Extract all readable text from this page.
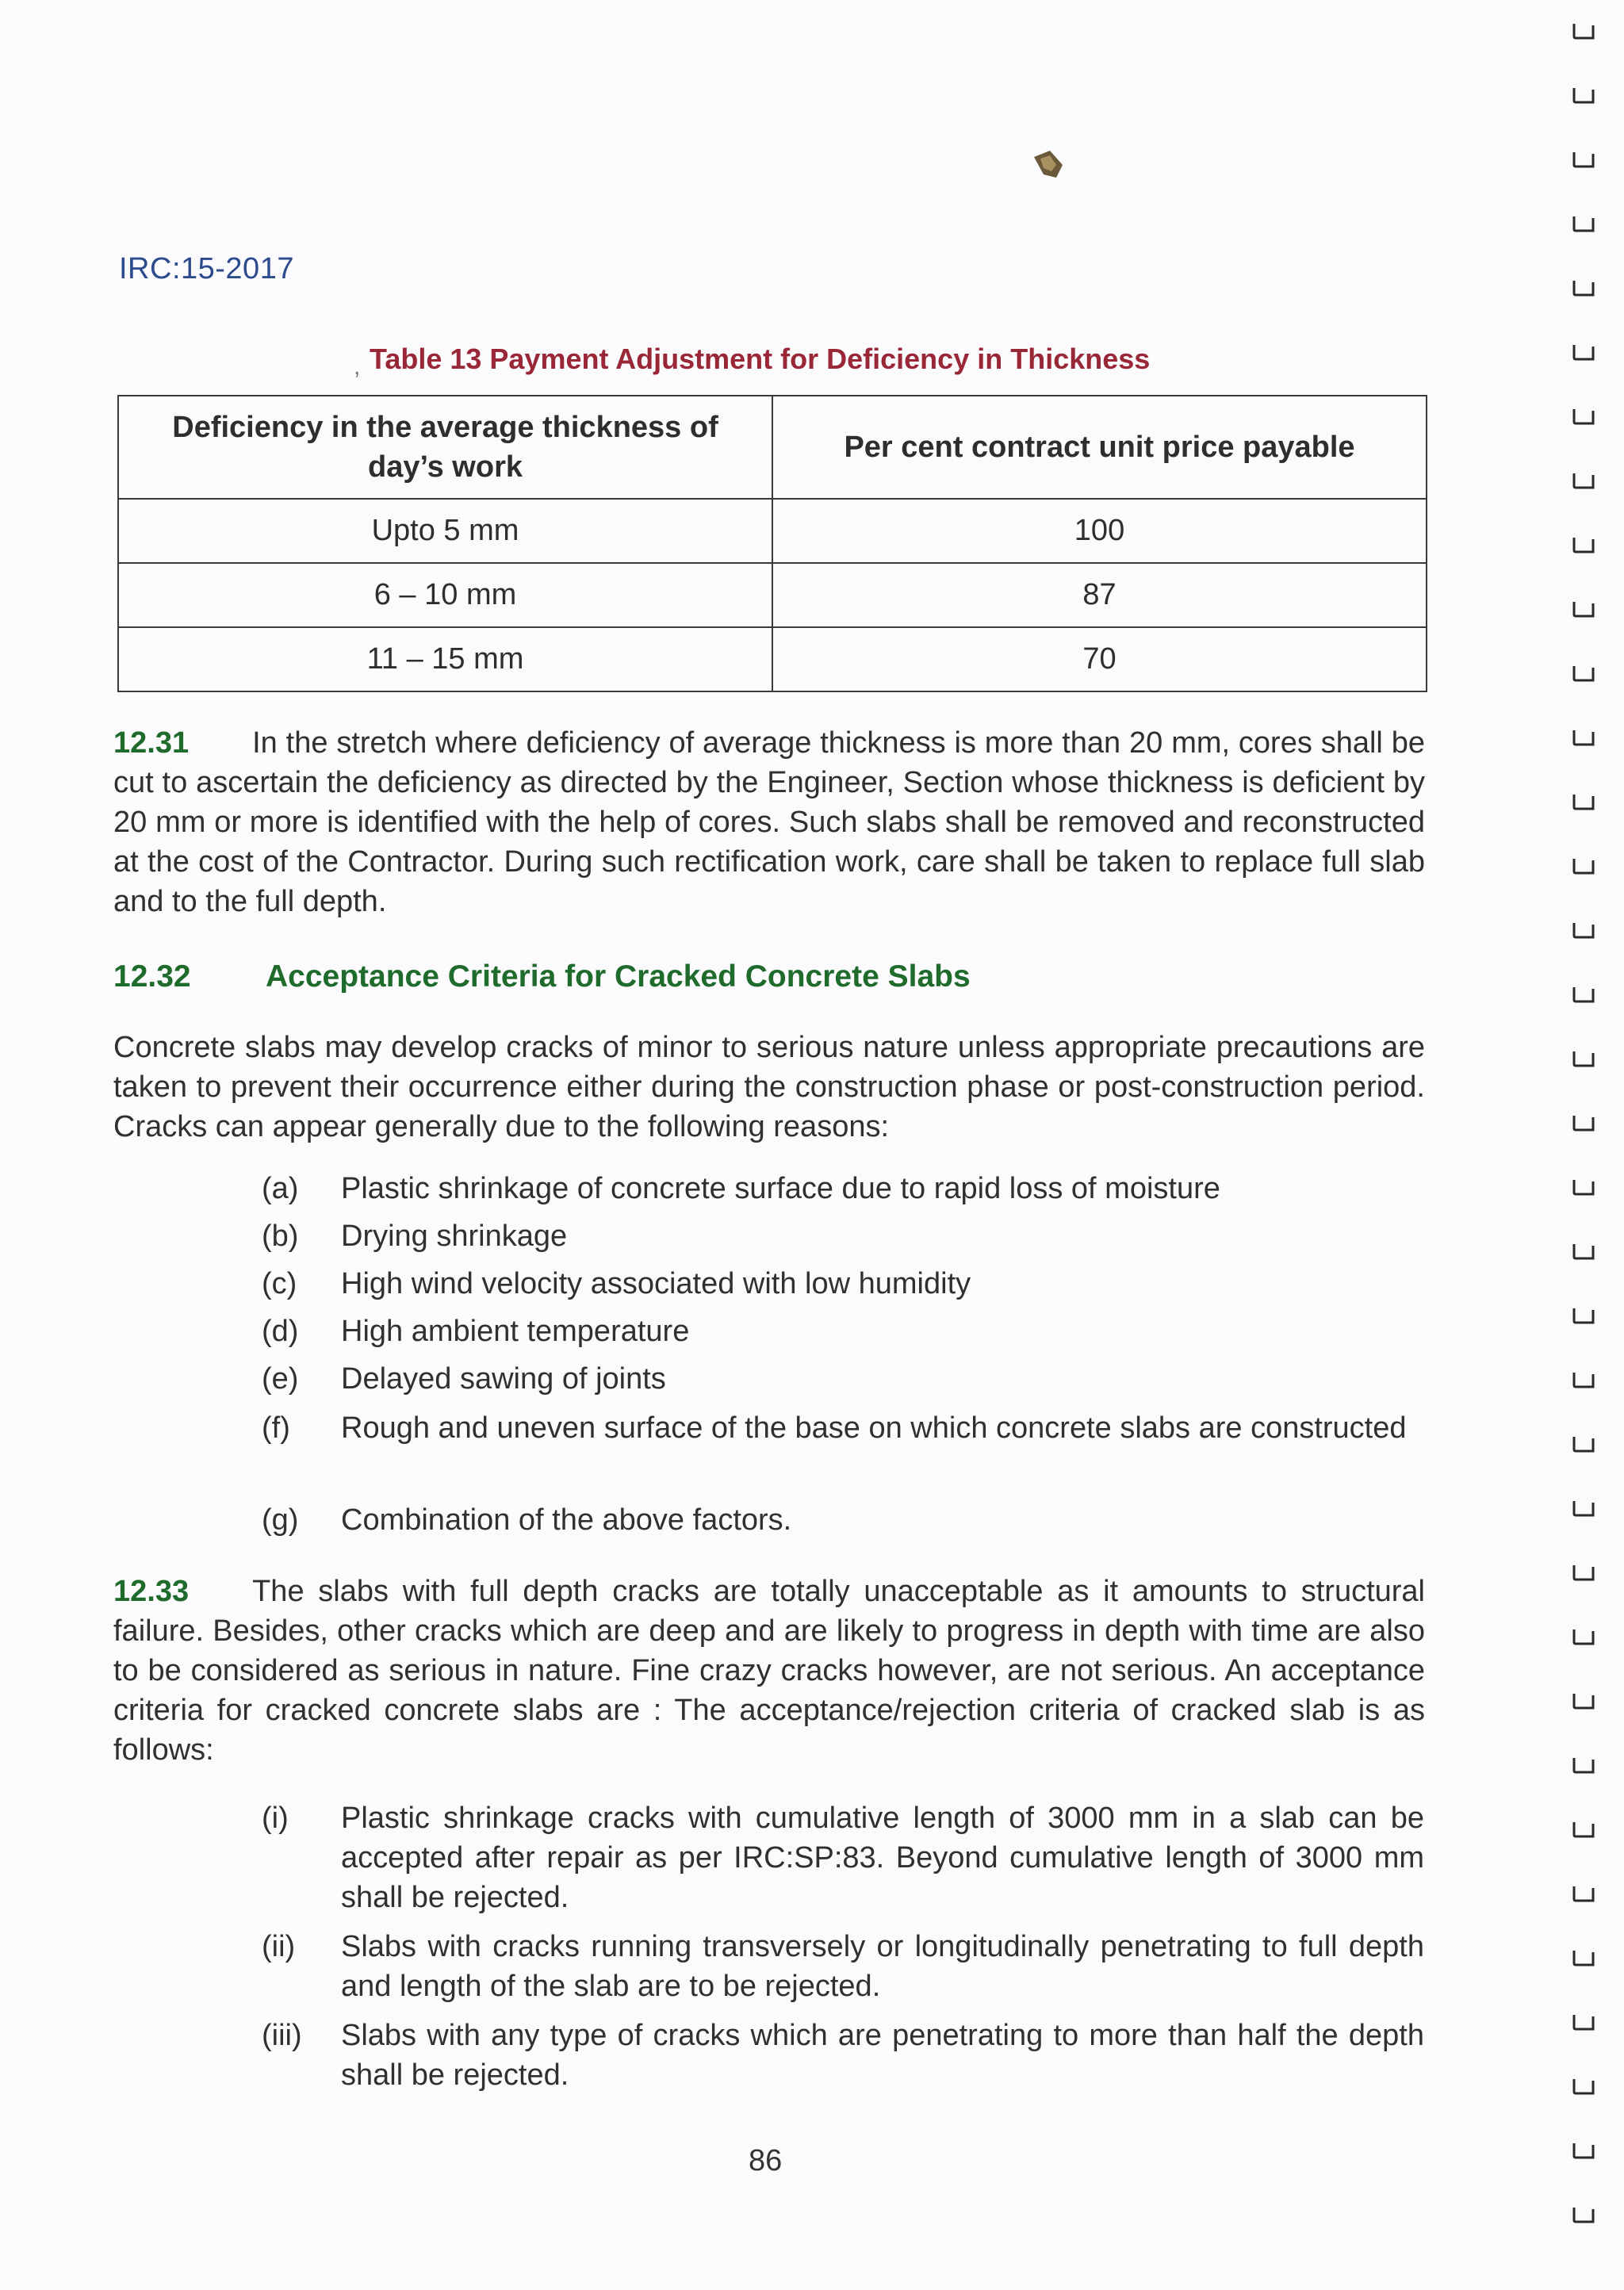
IRC:15-2017
, Table 13 Payment Adjustment for Deficiency in Thickness
Deficiency in the average thickness of day’s work	Per cent contract unit price payable
Upto 5 mm	100
6 – 10 mm	87
11 – 15 mm	70
12.31 In the stretch where deficiency of average thickness is more than 20 mm, cores shall be cut to ascertain the deficiency as directed by the Engineer, Section whose thickness is deficient by 20 mm or more is identified with the help of cores. Such slabs shall be removed and reconstructed at the cost of the Contractor. During such rectification work, care shall be taken to replace full slab and to the full depth.
12.32 Acceptance Criteria for Cracked Concrete Slabs
Concrete slabs may develop cracks of minor to serious nature unless appropriate precautions are taken to prevent their occurrence either during the construction phase or post-construction period. Cracks can appear generally due to the following reasons:
(a) Plastic shrinkage of concrete surface due to rapid loss of moisture
(b) Drying shrinkage
(c) High wind velocity associated with low humidity
(d) High ambient temperature
(e) Delayed sawing of joints
(f) Rough and uneven surface of the base on which concrete slabs are constructed
(g) Combination of the above factors.
12.33 The slabs with full depth cracks are totally unacceptable as it amounts to structural failure. Besides, other cracks which are deep and are likely to progress in depth with time are also to be considered as serious in nature. Fine crazy cracks however, are not serious. An acceptance criteria for cracked concrete slabs are : The acceptance/rejection criteria of cracked slab is as follows:
(i) Plastic shrinkage cracks with cumulative length of 3000 mm in a slab can be accepted after repair as per IRC:SP:83. Beyond cumulative length of 3000 mm shall be rejected.
(ii) Slabs with cracks running transversely or longitudinally penetrating to full depth and length of the slab are to be rejected.
(iii) Slabs with any type of cracks which are penetrating to more than half the depth shall be rejected.
86
